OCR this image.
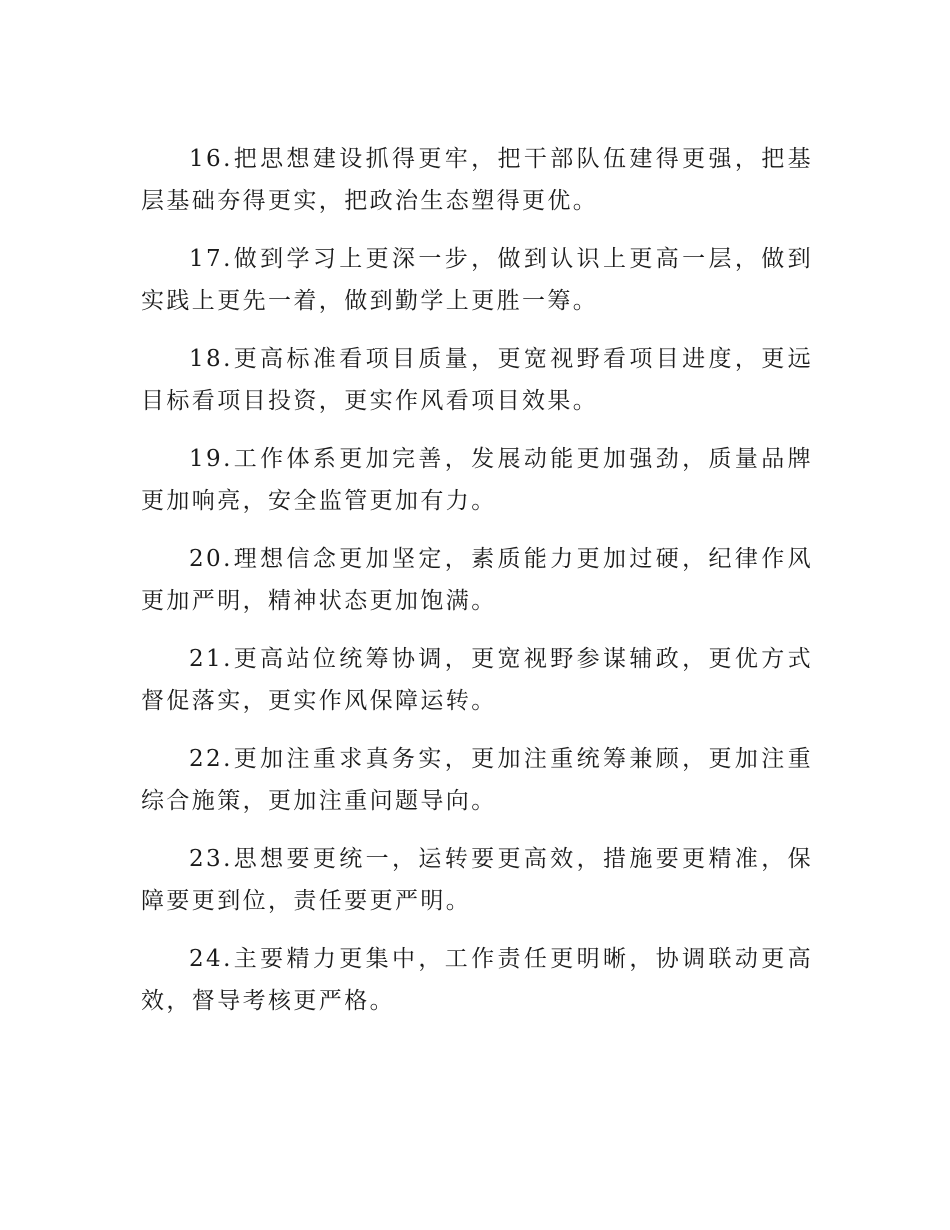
16.把思想建设抓得更牢，把干部队伍建得更强，把基层基础夯得更实，把政治生态塑得更优。

17.做到学习上更深一步，做到认识上更高一层，做到实践上更先一着，做到勤学上更胜一筹。

18.更高标准看项目质量，更宽视野看项目进度，更远目标看项目投资，更实作风看项目效果。

19.工作体系更加完善，发展动能更加强劲，质量品牌更加响亮，安全监管更加有力。

20.理想信念更加坚定，素质能力更加过硬，纪律作风更加严明，精神状态更加饱满。

21.更高站位统筹协调，更宽视野参谋辅政，更优方式督促落实，更实作风保障运转。

22.更加注重求真务实，更加注重统筹兼顾，更加注重综合施策，更加注重问题导向。

23.思想要更统一，运转要更高效，措施要更精准，保障要更到位，责任要更严明。

24.主要精力更集中，工作责任更明晰，协调联动更高效，督导考核更严格。
